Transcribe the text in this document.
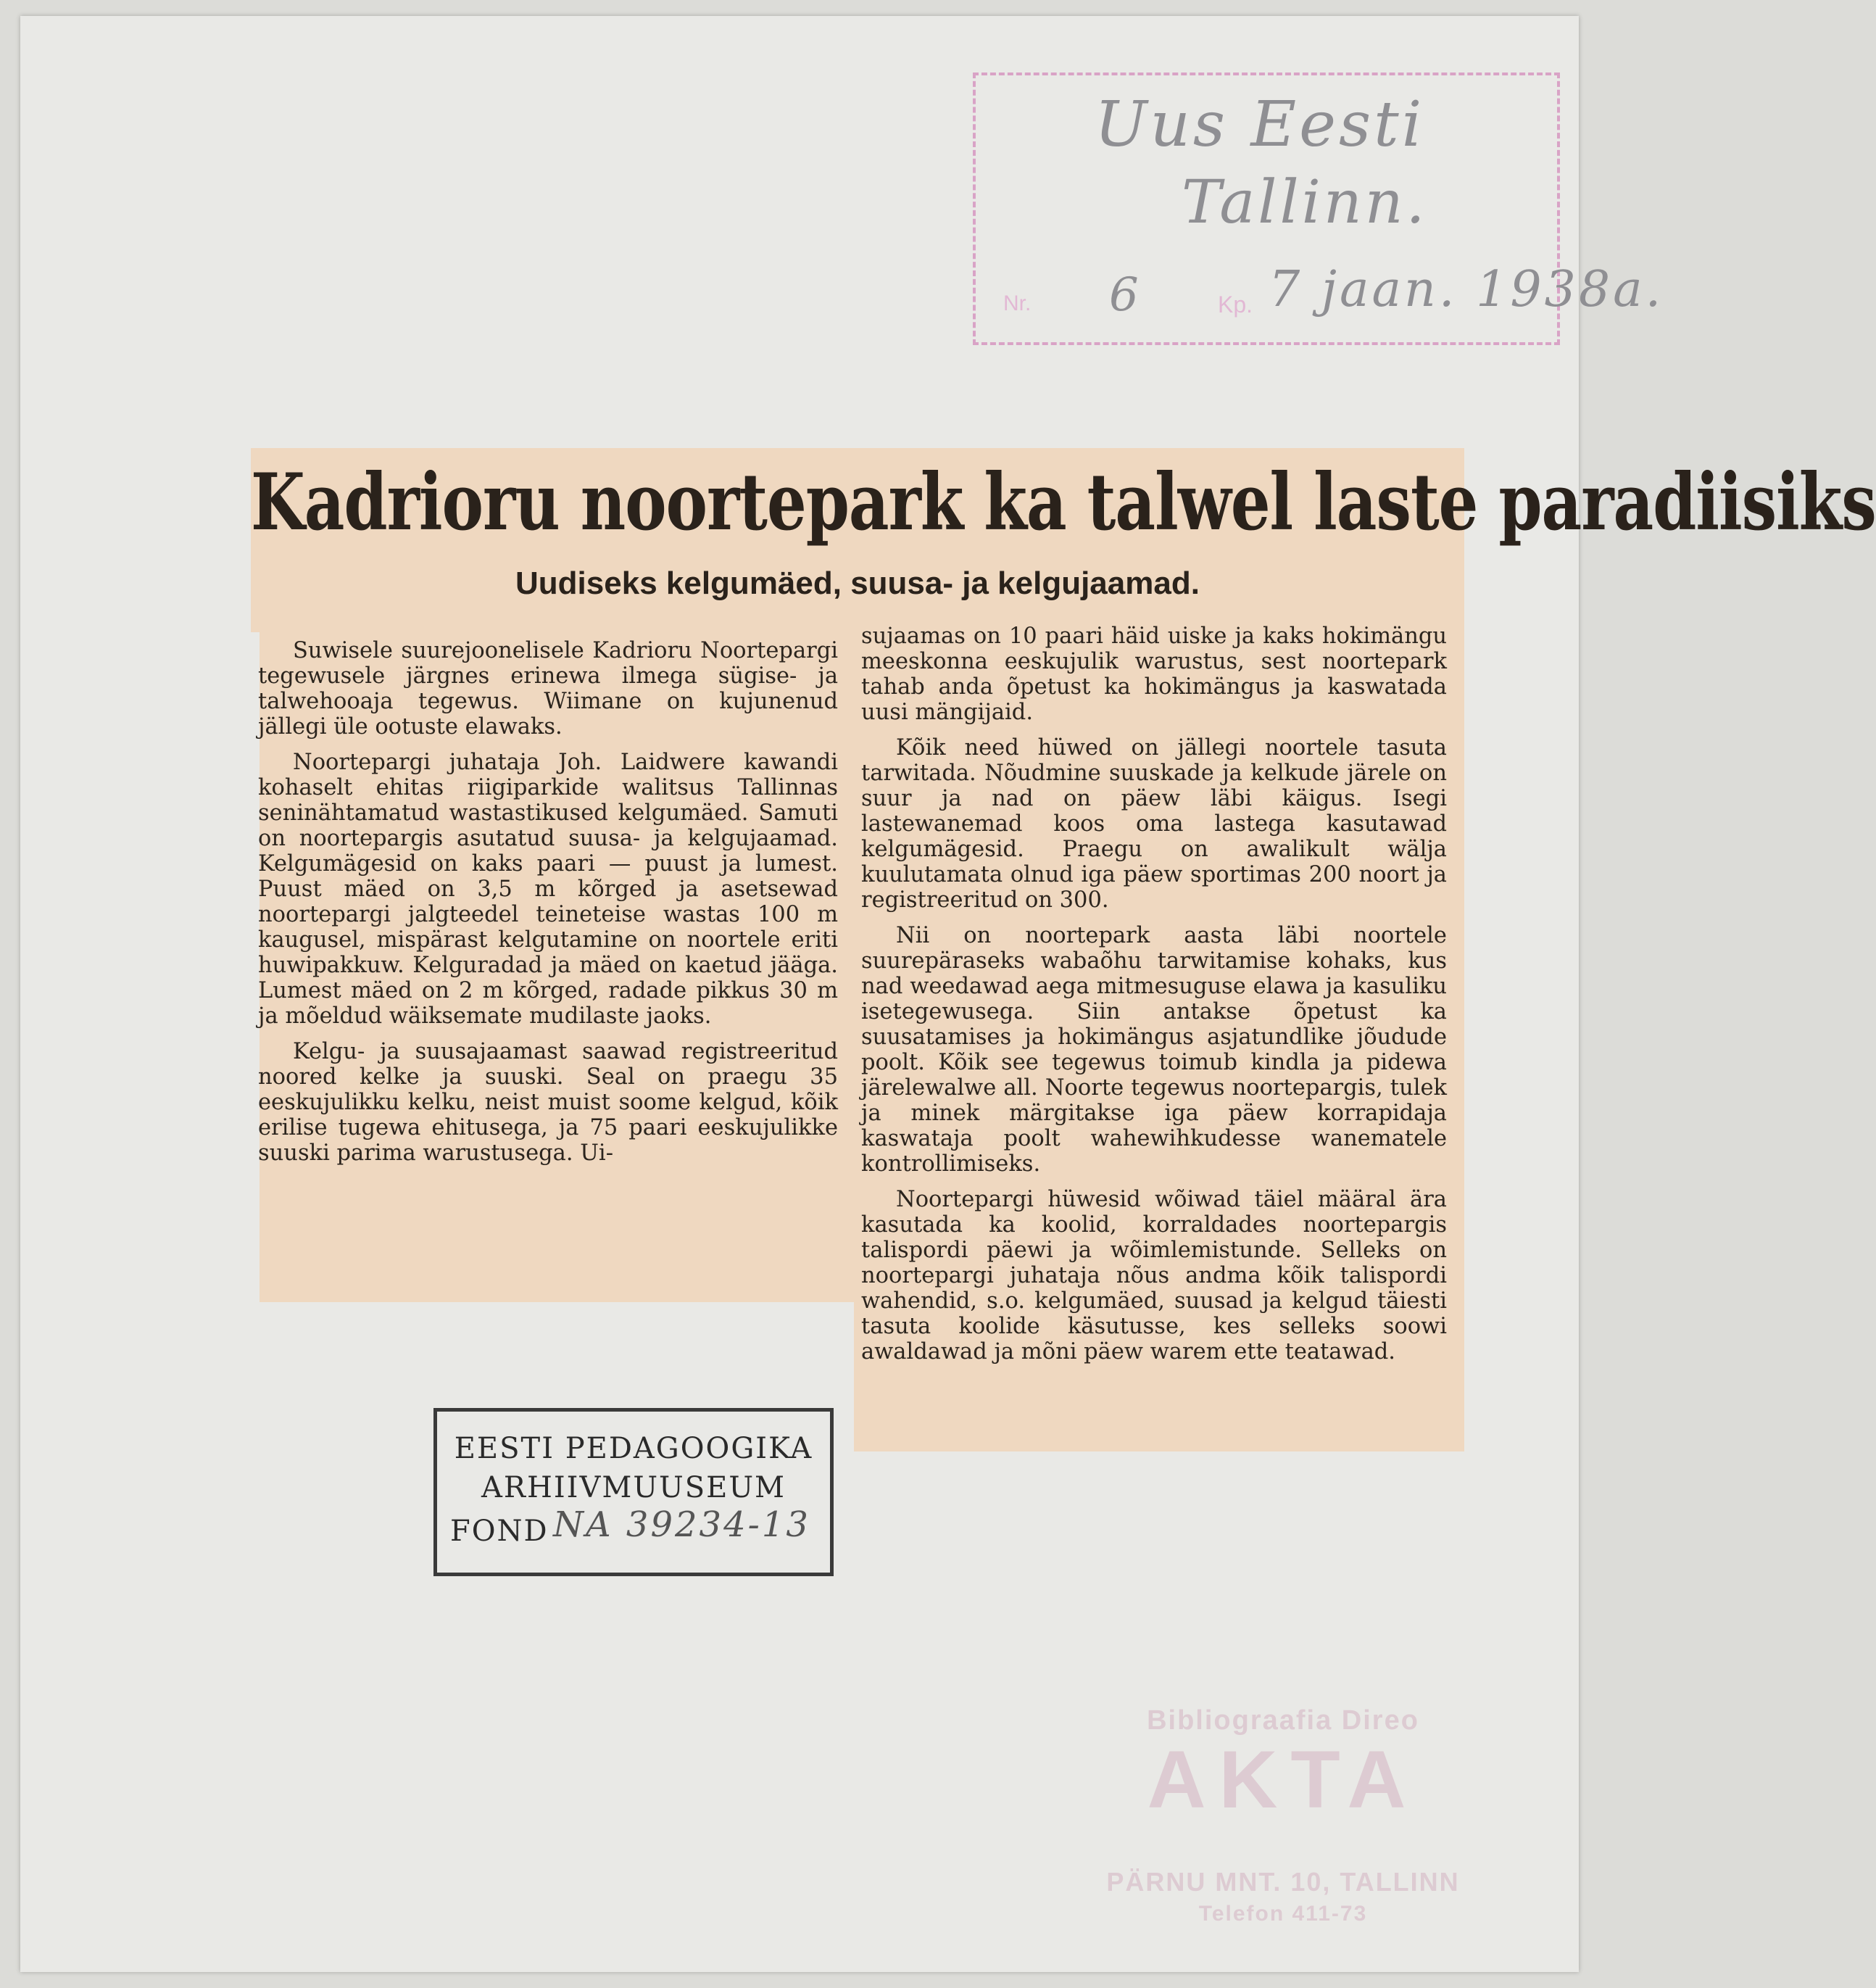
Uus Eesti
Tallinn.
Nr. 6	Kp. 7 jaan. 1938a.
Kadrioru noortepark ka talwel laste paradiisiks
Uudiseks kelgumäed, suusa- ja kelgujaamad.

Suwisele suurejoonelisele Kadrioru Noortepargi tegewusele järgnes erinewa ilmega sügise- ja talwehooaja tegewus. Wiimane on kujunenud jällegi üle ootuste elawaks.

Noortepargi juhataja Joh. Laidwere kawandi kohaselt ehitas riigiparkide walitsus Tallinnas seninähtamatud wastastikused kelgumäed. Samuti on noortepargis asutatud suusa- ja kelgujaamad. Kelgumägesid on kaks paari — puust ja lumest. Puust mäed on 3,5 m kõrged ja asetsewad noortepargi jalgteedel teineteise wastas 100 m kaugusel, mispärast kelgutamine on noortele eriti huwipakkuw. Kelguradad ja mäed on kaetud jääga. Lumest mäed on 2 m kõrged, radade pikkus 30 m ja mõeldud wäiksemate mudilaste jaoks.

Kelgu- ja suusajaamast saawad registreeritud noored kelke ja suuski. Seal on praegu 35 eeskujulikku kelku, neist muist soome kelgud, kõik erilise tugewa ehitusega, ja 75 paari eeskujulikke suuski parima warustusega. Ui-

sujaamas on 10 paari häid uiske ja kaks hokimängu meeskonna eeskujulik warustus, sest noortepark tahab anda õpetust ka hokimängus ja kaswatada uusi mängijaid.

Kõik need hüwed on jällegi noortele tasuta tarwitada. Nõudmine suuskade ja kelkude järele on suur ja nad on päew läbi käigus. Isegi lastewanemad koos oma lastega kasutawad kelgumägesid. Praegu on awalikult wälja kuulutamata olnud iga päew sportimas 200 noort ja registreeritud on 300.

Nii on noortepark aasta läbi noortele suurepäraseks wabaõhu tarwitamise kohaks, kus nad weedawad aega mitmesuguse elawa ja kasuliku isetegewusega. Siin antakse õpetust ka suusatamises ja hokimängus asjatundlike jõudude poolt. Kõik see tegewus toimub kindla ja pidewa järelewalwe all. Noorte tegewus noortepargis, tulek ja minek märgitakse iga päew korrapidaja kaswataja poolt wahewihkudesse wanematele kontrollimiseks.

Noortepargi hüwesid wõiwad täiel määral ära kasutada ka koolid, korraldades noortepargis talispordi päewi ja wõimlemistunde. Selleks on noortepargi juhataja nõus andma kõik talispordi wahendid, s.o. kelgumäed, suusad ja kelgud täiesti tasuta koolide käsutusse, kes selleks soowi awaldawad ja mõni päew warem ette teatawad.

EESTI PEDAGOOGIKA
ARHIIVMUUSEUM
FOND NA 39234-13
Bibliograafia Direo
AKTA
PÄRNU MNT. 10, TALLINN
Telefon 411-73
